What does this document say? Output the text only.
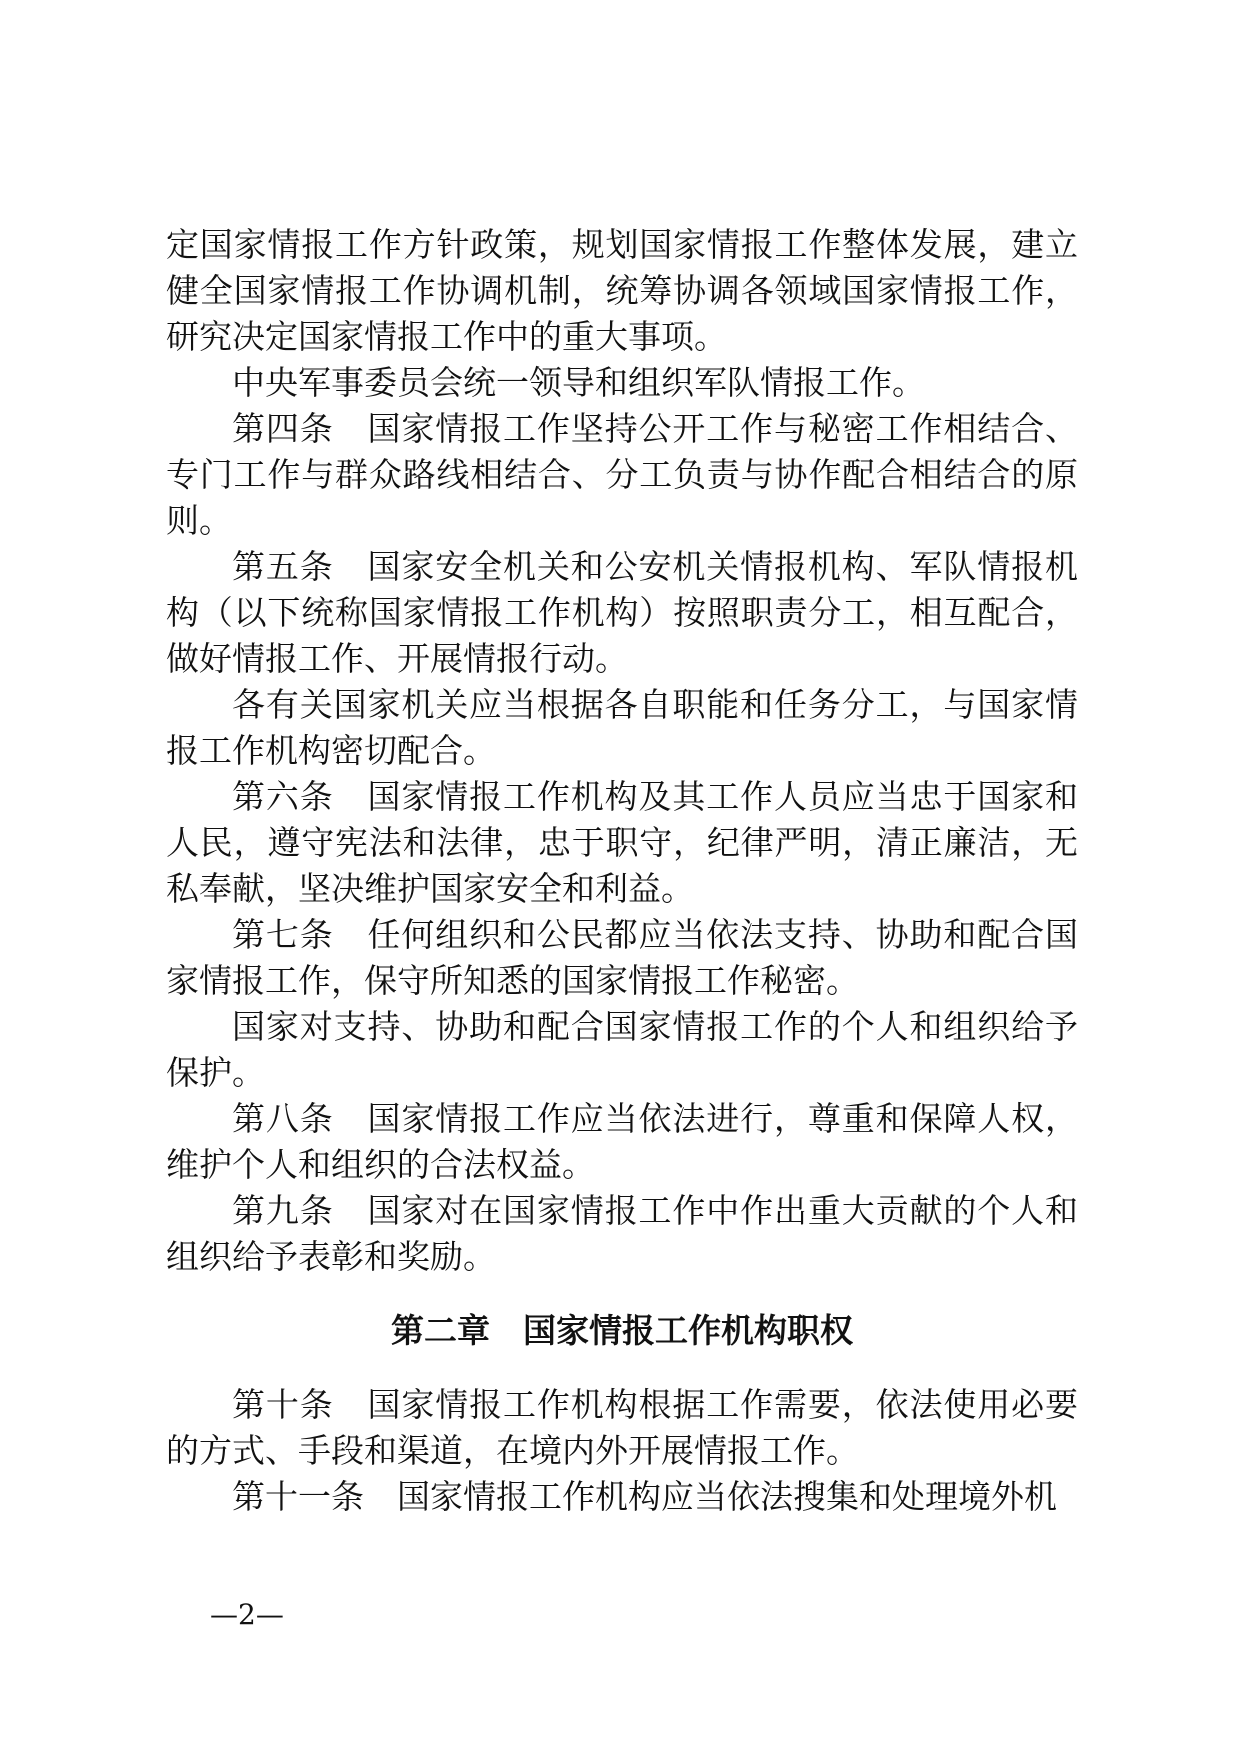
定国家情报工作方针政策，规划国家情报工作整体发展，建立健全国家情报工作协调机制，统筹协调各领域国家情报工作，研究决定国家情报工作中的重大事项。

中央军事委员会统一领导和组织军队情报工作。

第四条　国家情报工作坚持公开工作与秘密工作相结合、专门工作与群众路线相结合、分工负责与协作配合相结合的原则。

第五条　国家安全机关和公安机关情报机构、军队情报机构（以下统称国家情报工作机构）按照职责分工，相互配合，做好情报工作、开展情报行动。

各有关国家机关应当根据各自职能和任务分工，与国家情报工作机构密切配合。

第六条　国家情报工作机构及其工作人员应当忠于国家和人民，遵守宪法和法律，忠于职守，纪律严明，清正廉洁，无私奉献，坚决维护国家安全和利益。

第七条　任何组织和公民都应当依法支持、协助和配合国家情报工作，保守所知悉的国家情报工作秘密。

国家对支持、协助和配合国家情报工作的个人和组织给予保护。

第八条　国家情报工作应当依法进行，尊重和保障人权，维护个人和组织的合法权益。

第九条　国家对在国家情报工作中作出重大贡献的个人和组织给予表彰和奖励。

第二章　国家情报工作机构职权

第十条　国家情报工作机构根据工作需要，依法使用必要的方式、手段和渠道，在境内外开展情报工作。

第十一条　国家情报工作机构应当依法搜集和处理境外机

—2—
